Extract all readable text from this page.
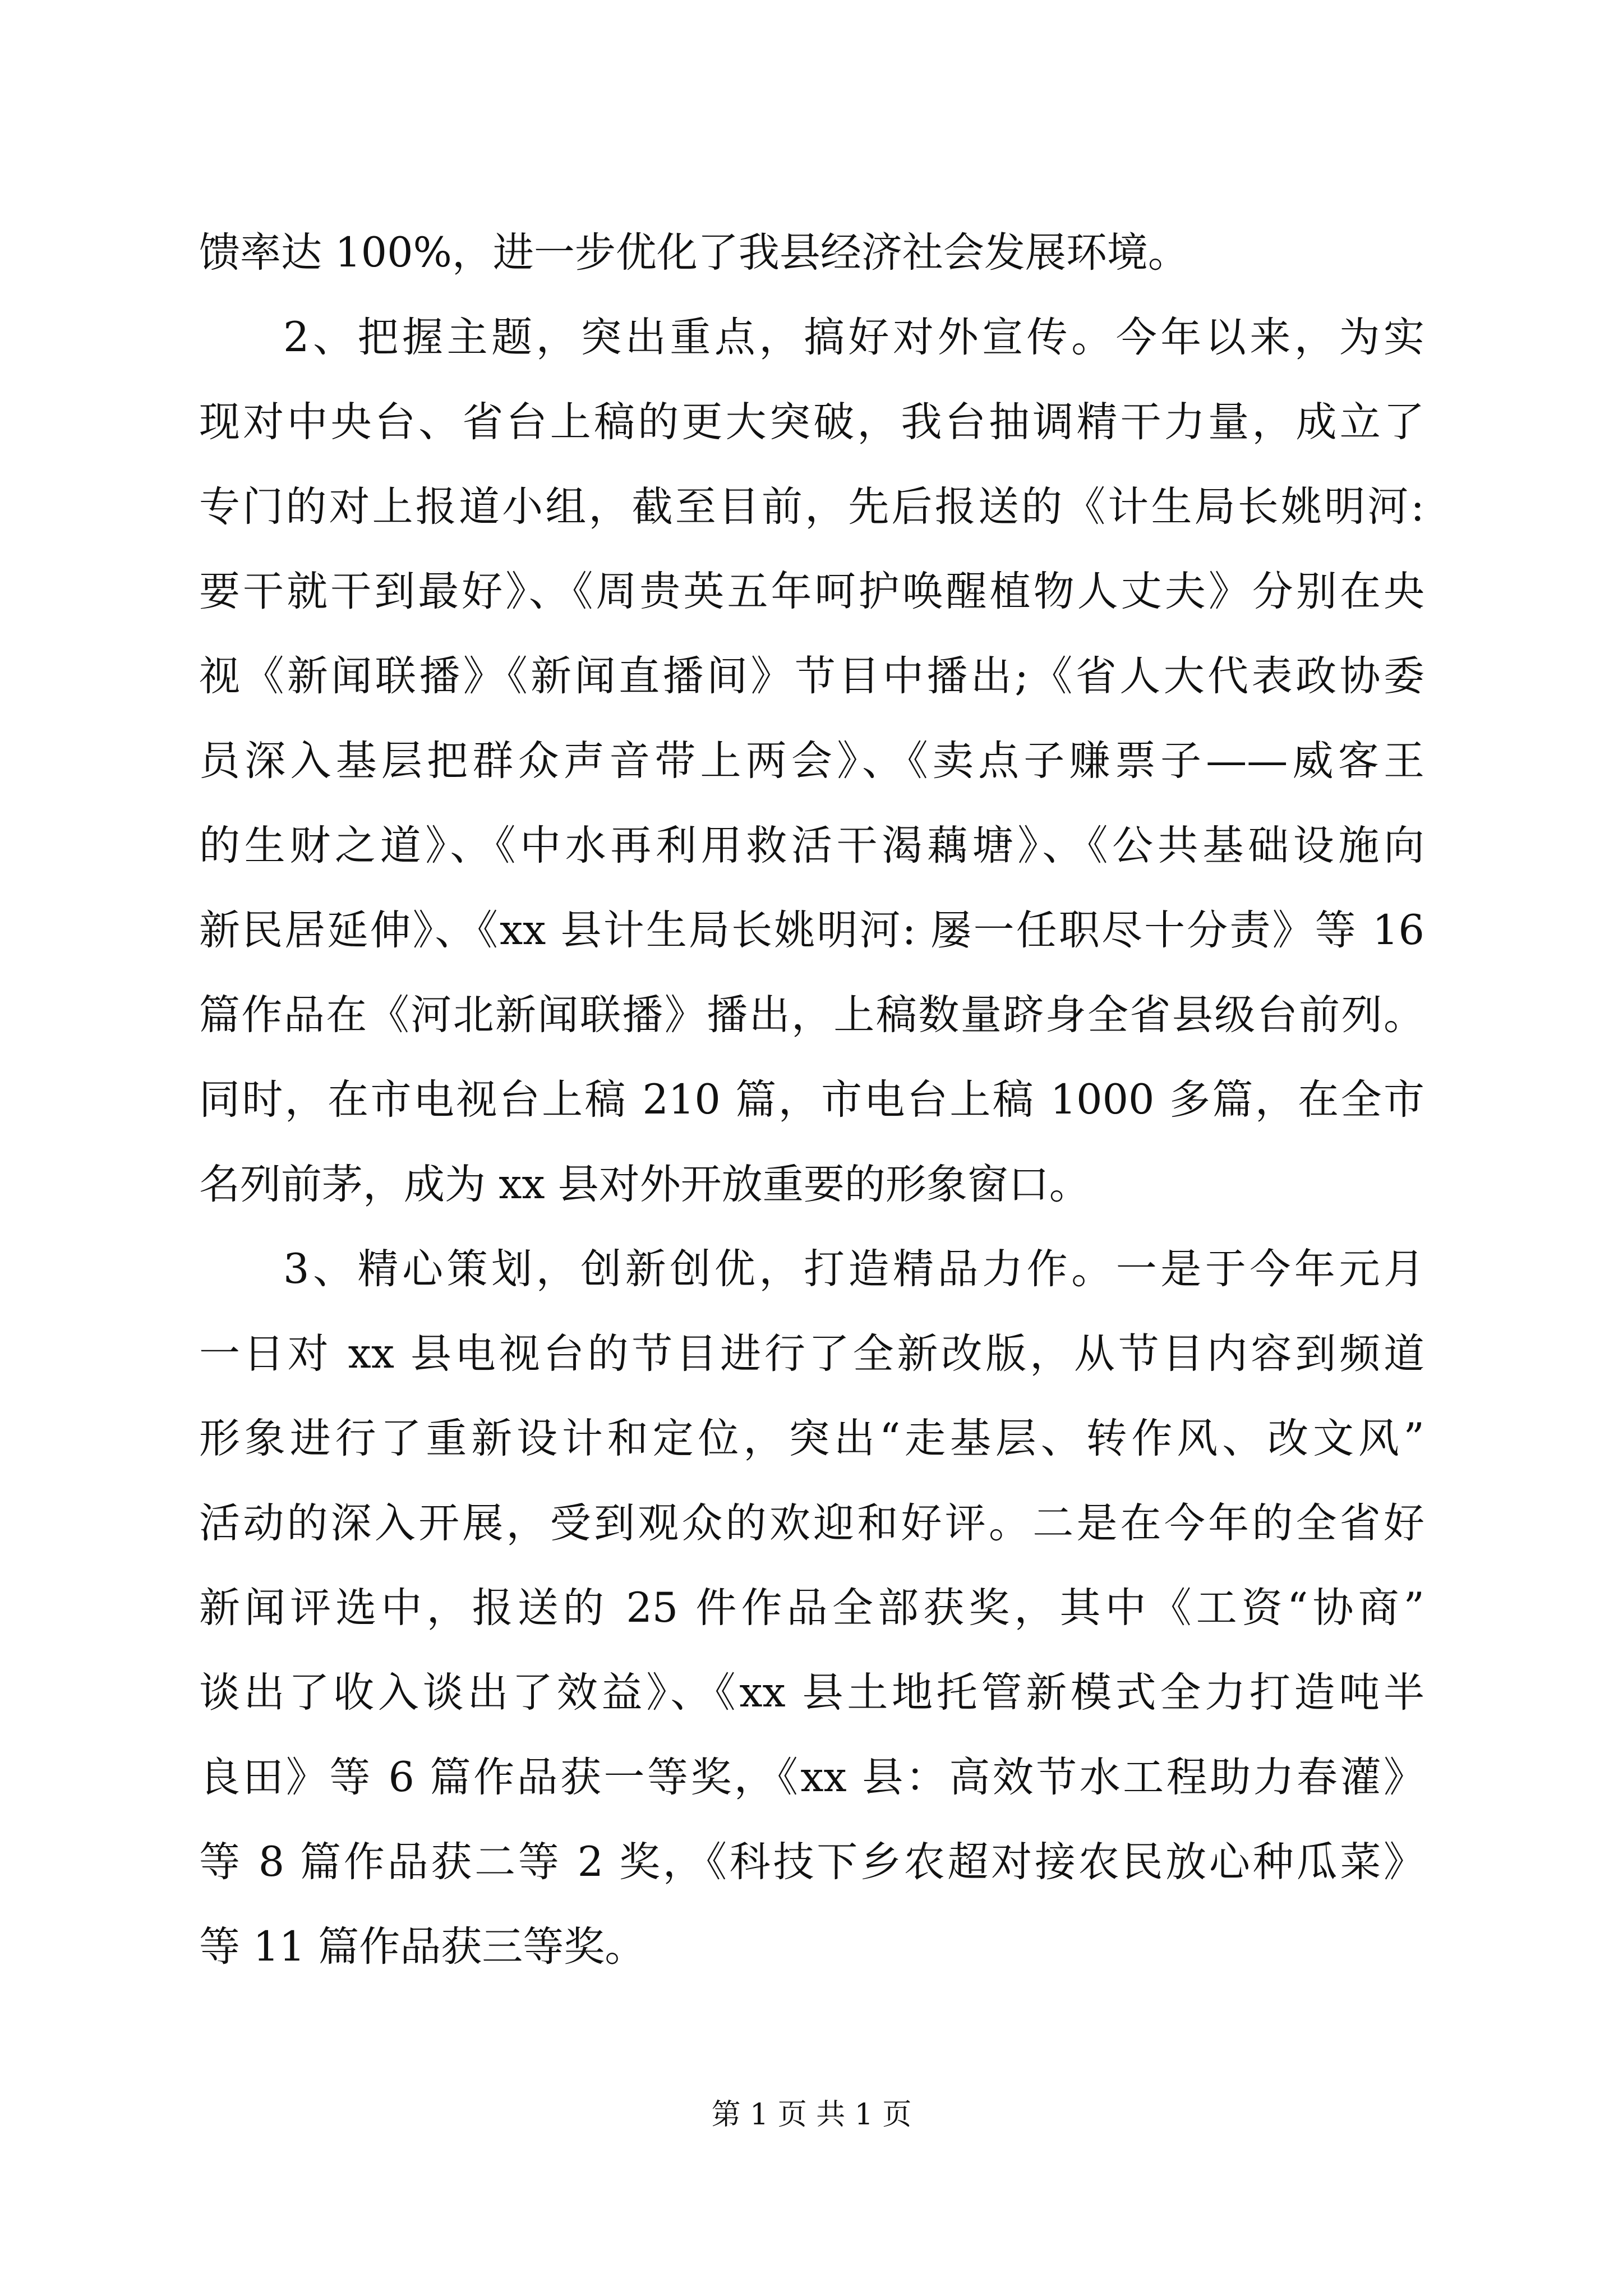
馈率达 100%，进一步优化了我县经济社会发展环境。
2、把握主题，突出重点，搞好对外宣传。今年以来，为实
现对中央台、省台上稿的更大突破，我台抽调精干力量，成立了
专门的对上报道小组，截至目前，先后报送的《计生局长姚明河:
要干就干到最好》、《周贵英五年呵护唤醒植物人丈夫》分别在央
视《新闻联播》《新闻直播间》节目中播出;《省人大代表政协委
员深入基层把群众声音带上两会》、《卖点子赚票子——威客王
的生财之道》、《中水再利用救活干渴藕塘》、《公共基础设施向
新民居延伸》、《xx 县计生局长姚明河: 屡一任职尽十分责》等 16
篇作品在《河北新闻联播》播出，上稿数量跻身全省县级台前列。
同时，在市电视台上稿 210 篇，市电台上稿 1000 多篇，在全市
名列前茅，成为 xx 县对外开放重要的形象窗口。
3、精心策划，创新创优，打造精品力作。一是于今年元月
一日对 xx 县电视台的节目进行了全新改版，从节目内容到频道
形象进行了重新设计和定位，突出“走基层、转作风、改文风”
活动的深入开展，受到观众的欢迎和好评。二是在今年的全省好
新闻评选中，报送的 25 件作品全部获奖，其中《工资“协商”
谈出了收入谈出了效益》、《xx 县土地托管新模式全力打造吨半
良田》等 6 篇作品获一等奖，《xx 县：高效节水工程助力春灌》
等 8 篇作品获二等 2 奖，《科技下乡农超对接农民放心种瓜菜》
等 11 篇作品获三等奖。
第 1 页 共 1 页
